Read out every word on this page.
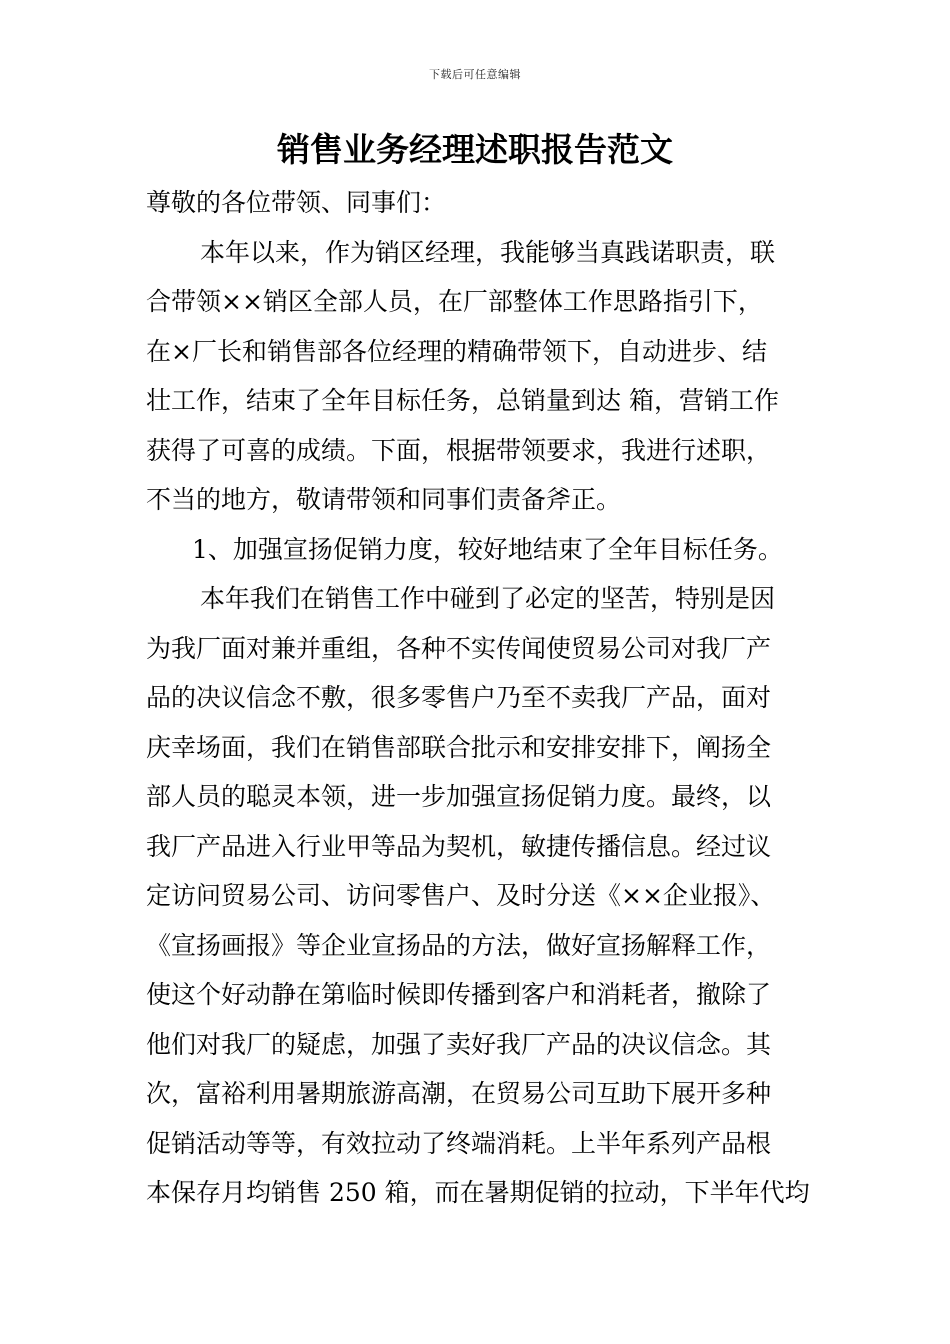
下载后可任意编辑
销售业务经理述职报告范文
尊敬的各位带领、同事们：
本年以来，作为销区经理，我能够当真践诺职责，联
合带领××销区全部人员，在厂部整体工作思路指引下，
在×厂长和销售部各位经理的精确带领下，自动进步、结
壮工作，结束了全年目标任务，总销量到达 箱，营销工作
获得了可喜的成绩。下面，根据带领要求，我进行述职，
不当的地方，敬请带领和同事们责备斧正。
1、加强宣扬促销力度，较好地结束了全年目标任务。
本年我们在销售工作中碰到了必定的坚苦，特别是因
为我厂面对兼并重组，各种不实传闻使贸易公司对我厂产
品的决议信念不敷，很多零售户乃至不卖我厂产品，面对
庆幸场面，我们在销售部联合批示和安排安排下，阐扬全
部人员的聪灵本领，进一步加强宣扬促销力度。最终，以
我厂产品进入行业甲等品为契机，敏捷传播信息。经过议
定访问贸易公司、访问零售户、及时分送《××企业报》、
《宣扬画报》等企业宣扬品的方法，做好宣扬解释工作，
使这个好动静在第临时候即传播到客户和消耗者，撤除了
他们对我厂的疑虑，加强了卖好我厂产品的决议信念。其
次，富裕利用暑期旅游高潮，在贸易公司互助下展开多种
促销活动等等，有效拉动了终端消耗。上半年系列产品根
本保存月均销售 250 箱，而在暑期促销的拉动，下半年代均
